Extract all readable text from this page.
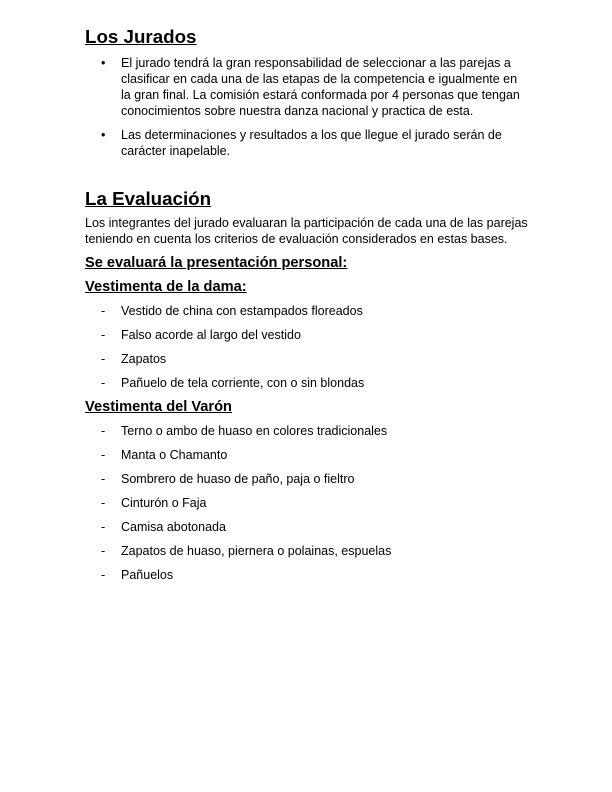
Los Jurados
• El jurado tendrá la gran responsabilidad de seleccionar a las parejas a clasificar en cada una de las etapas de la competencia e igualmente en la gran final. La comisión estará conformada por 4 personas que tengan conocimientos sobre nuestra danza nacional y practica de esta.
• Las determinaciones y resultados a los que llegue el jurado serán de carácter inapelable.
La Evaluación

Los integrantes del jurado evaluaran la participación de cada una de las parejas teniendo en cuenta los criterios de evaluación considerados en estas bases.

Se evaluará la presentación personal:
Vestimenta de la dama:
- Vestido de china con estampados floreados
- Falso acorde al largo del vestido
- Zapatos
- Pañuelo de tela corriente, con o sin blondas
Vestimenta del Varón
- Terno o ambo de huaso en colores tradicionales
- Manta o Chamanto
- Sombrero de huaso de paño, paja o fieltro
- Cinturón o Faja
- Camisa abotonada
- Zapatos de huaso, piernera o polainas, espuelas
- Pañuelos
